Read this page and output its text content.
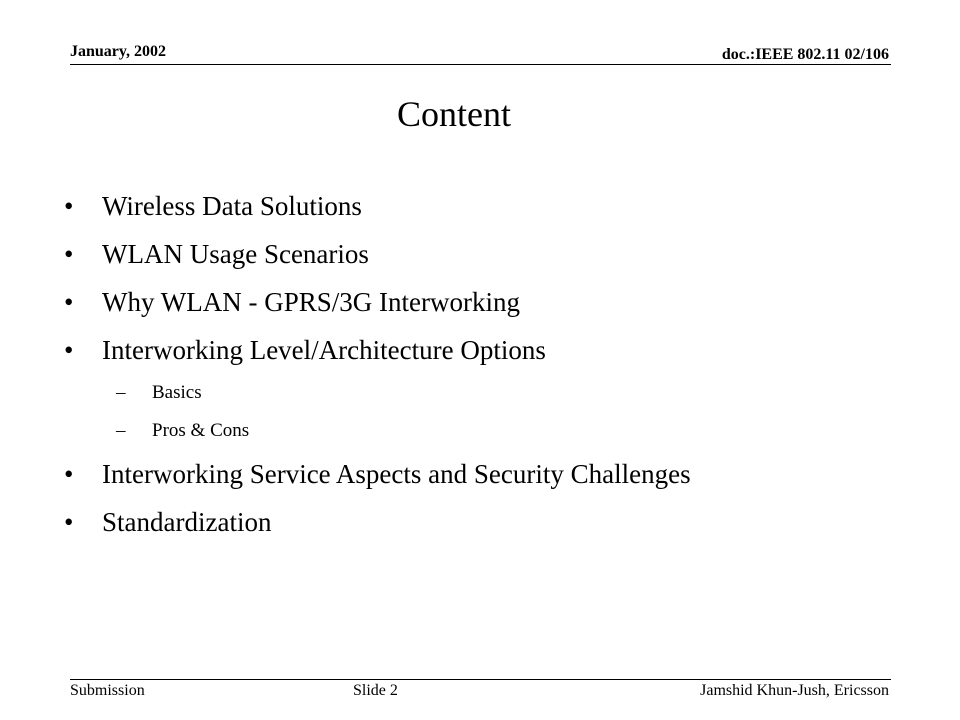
January, 2002	doc.:IEEE 802.11 02/106
Content
• Wireless Data Solutions
• WLAN Usage Scenarios
• Why WLAN - GPRS/3G Interworking
• Interworking Level/Architecture Options
– Basics
– Pros & Cons
• Interworking Service Aspects and Security Challenges
• Standardization
Submission	Slide 2	Jamshid Khun-Jush, Ericsson
